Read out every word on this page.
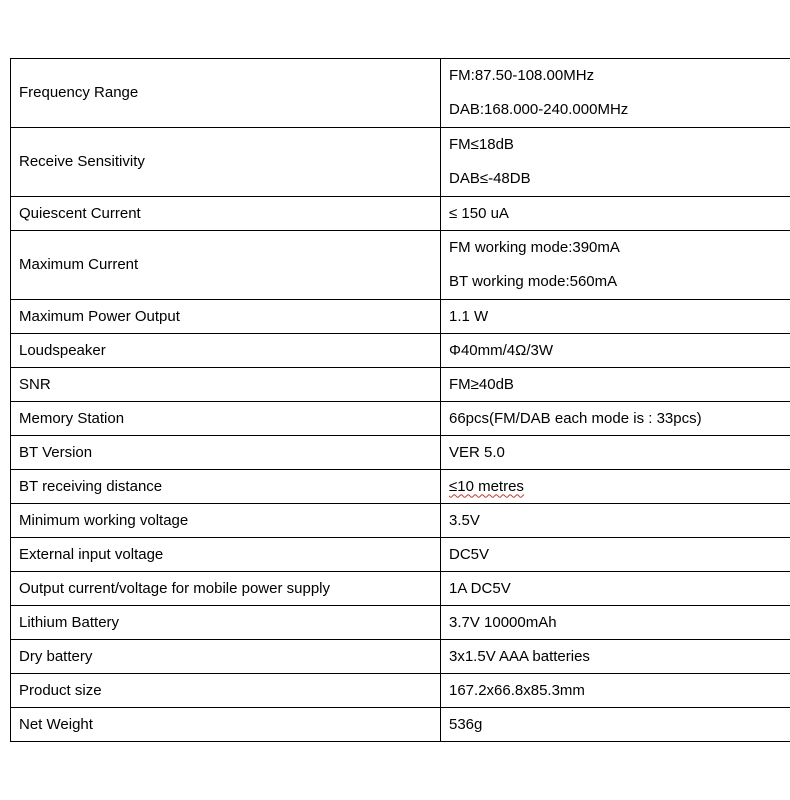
Frequency Range	FM:87.50-108.00MHz
DAB:168.000-240.000MHz

Receive Sensitivity	FM≤18dB
DAB≤-48DB

Quiescent Current	≤ 150 uA
Maximum Current	FM working mode:390mA
BT working mode:560mA

Maximum Power Output	1.1 W
Loudspeaker	Φ40mm/4Ω/3W
SNR	FM≥40dB
Memory Station	66pcs(FM/DAB each mode is : 33pcs)
BT Version	VER 5.0
BT receiving distance	≤10 metres
Minimum working voltage	3.5V
External input voltage	DC5V
Output current/voltage for mobile power supply	1A DC5V
Lithium Battery	3.7V 10000mAh
Dry battery	3x1.5V AAA batteries
Product size	167.2x66.8x85.3mm
Net Weight	536g
